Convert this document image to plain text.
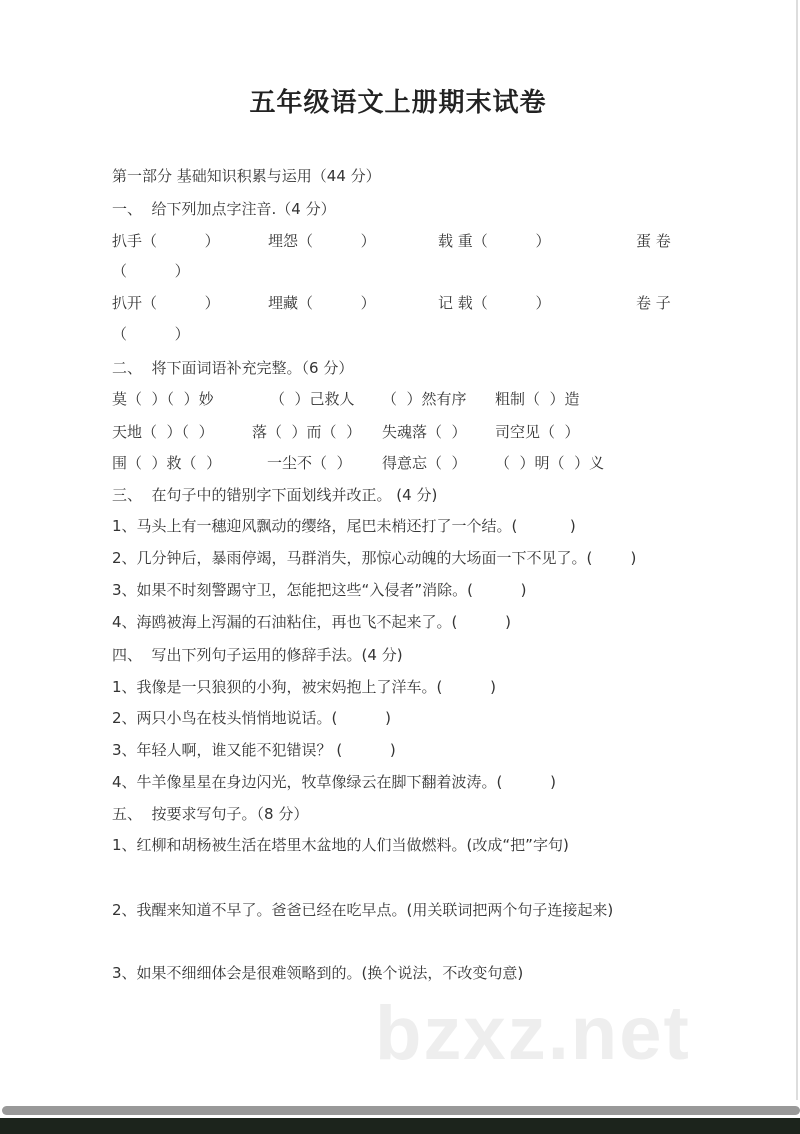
五年级语文上册期末试卷
第一部分 基础知识积累与运用（44 分）
一、  给下列加点字注音.（4 分）
扒手（          ）	埋怨（          ）	载 重（          ）	蛋 卷
（          ）
扒开（          ）	埋藏（          ）	记 载（          ）	卷 子
（          ）
二、  将下面词语补充完整。（6 分）
莫（  ）（  ）妙	（  ）己救人 （  ）然有序 粗制（  ）造
天地（  ）（  ）	落（  ）而（  ） 失魂落（  ） 司空见（  ）
围（  ）救（  ）	一尘不（  ） 得意忘（  ） （  ）明（  ）义
三、  在句子中的错别字下面划线并改正。 (4 分)
1、马头上有一穗迎风飘动的缨络，尾巴未梢还打了一个结。(           )
2、几分钟后，暴雨停竭，马群消失，那惊心动魄的大场面一下不见了。(        )
3、如果不时刻警踢守卫，怎能把这些“入侵者”消除。(          )
4、海鸥被海上泻漏的石油粘住，再也飞不起来了。(          )
四、  写出下列句子运用的修辞手法。(4 分)
1、我像是一只狼狈的小狗，被宋妈抱上了洋车。(          )
2、两只小鸟在枝头悄悄地说话。(          )
3、年轻人啊，谁又能不犯错误？ (          )
4、牛羊像星星在身边闪光，牧草像绿云在脚下翻着波涛。(          )
五、  按要求写句子。（8 分）
1、红柳和胡杨被生活在塔里木盆地的人们当做燃料。(改成“把”字句)
2、我醒来知道不早了。爸爸已经在吃早点。(用关联词把两个句子连接起来)
3、如果不细细体会是很难领略到的。(换个说法，不改变句意)
bzxz.net
